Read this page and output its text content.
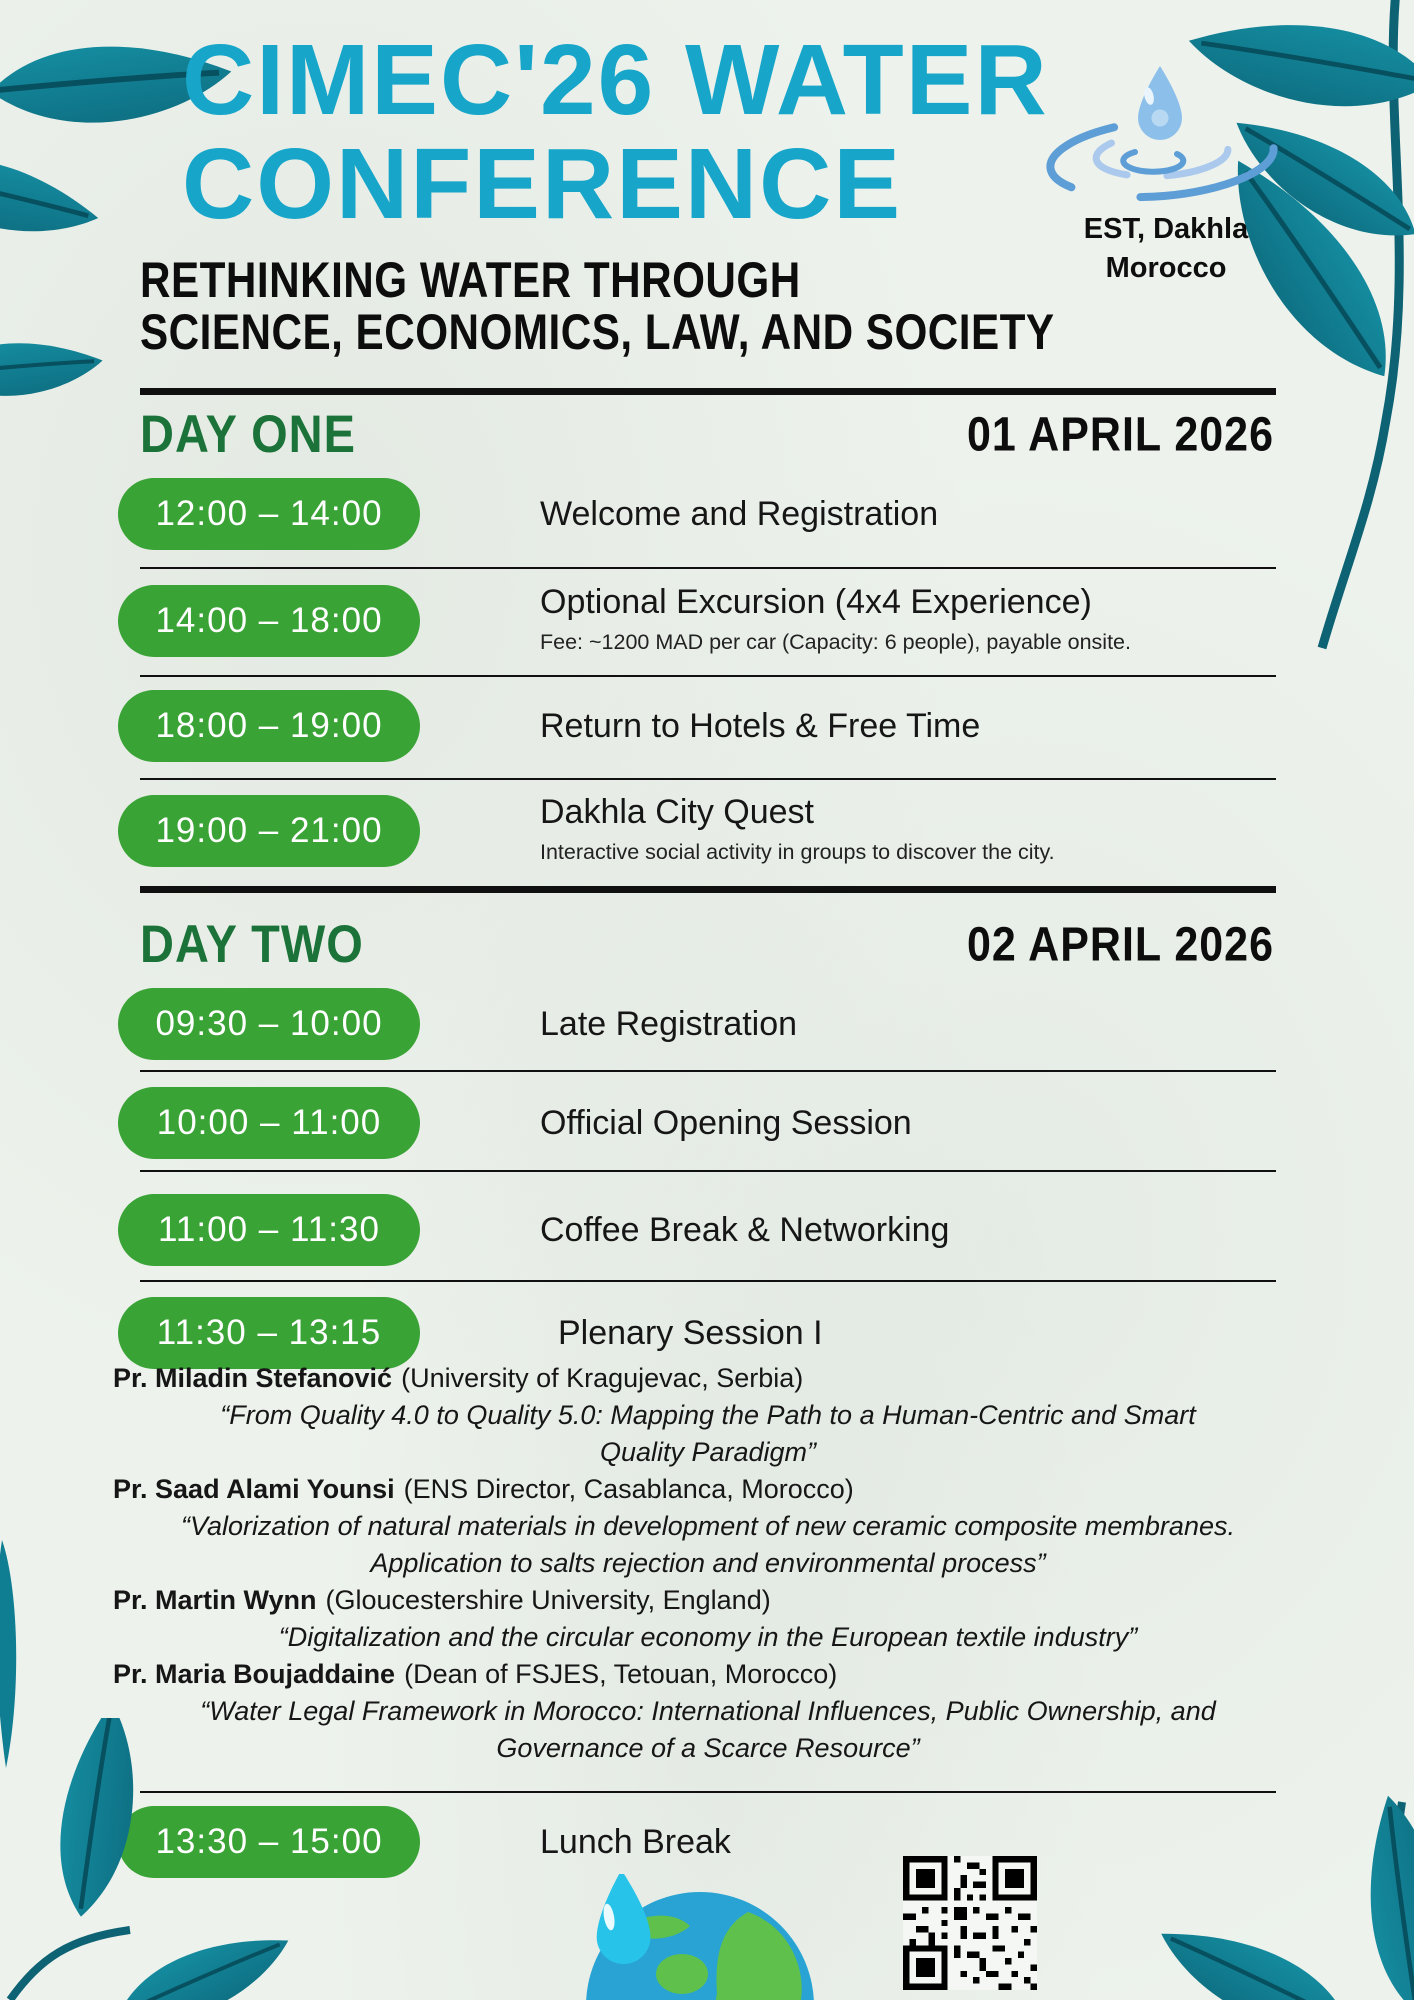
CIMEC'26 WATER
CONFERENCE
RETHINKING WATER THROUGH
SCIENCE, ECONOMICS, LAW, AND SOCIETY
EST, Dakhla
Morocco
DAY ONE	01 APRIL 2026
12:00 – 14:00	Welcome and Registration
14:00 – 18:00	Optional Excursion (4x4 Experience)
Fee: ~1200 MAD per car (Capacity: 6 people), payable onsite.
18:00 – 19:00	Return to Hotels & Free Time
19:00 – 21:00	Dakhla City Quest
Interactive social activity in groups to discover the city.
DAY TWO	02 APRIL 2026
09:30 – 10:00	Late Registration
10:00 – 11:00	Official Opening Session
11:00 – 11:30	Coffee Break & Networking
11:30 – 13:15	Plenary Session I
Pr. Miladin Stefanović (University of Kragujevac, Serbia)
“From Quality 4.0 to Quality 5.0: Mapping the Path to a Human-Centric and Smart Quality Paradigm”
Pr. Saad Alami Younsi (ENS Director, Casablanca, Morocco)
“Valorization of natural materials in development of new ceramic composite membranes. Application to salts rejection and environmental process”
Pr. Martin Wynn (Gloucestershire University, England)
“Digitalization and the circular economy in the European textile industry”
Pr. Maria Boujaddaine (Dean of FSJES, Tetouan, Morocco)
“Water Legal Framework in Morocco: International Influences, Public Ownership, and Governance of a Scarce Resource”
13:30 – 15:00	Lunch Break
